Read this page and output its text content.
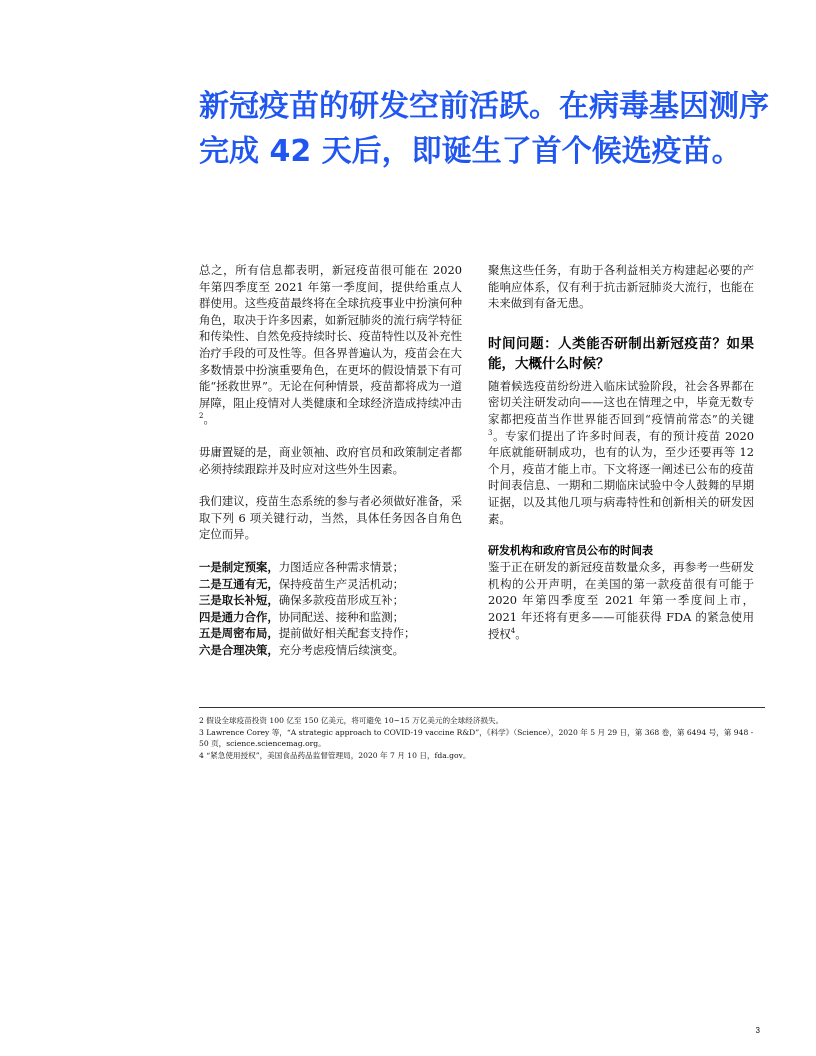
新冠疫苗的研发空前活跃。在病毒基因测序完成 42 天后，即诞生了首个候选疫苗。

总之，所有信息都表明，新冠疫苗很可能在 2020 年第四季度至 2021 年第一季度间，提供给重点人群使用。这些疫苗最终将在全球抗疫事业中扮演何种角色，取决于许多因素，如新冠肺炎的流行病学特征和传染性、自然免疫持续时长、疫苗特性以及补充性治疗手段的可及性等。但各界普遍认为，疫苗会在大多数情景中扮演重要角色，在更坏的假设情景下有可能“拯救世界”。无论在何种情景，疫苗都将成为一道屏障，阻止疫情对人类健康和全球经济造成持续冲击$^2$。

毋庸置疑的是，商业领袖、政府官员和政策制定者都必须持续跟踪并及时应对这些外生因素。

我们建议，疫苗生态系统的参与者必须做好准备，采取下列 6 项关键行动，当然，具体任务因各自角色定位而异。

一是制定预案，力图适应各种需求情景；
二是互通有无，保持疫苗生产灵活机动；
三是取长补短，确保多款疫苗形成互补；
四是通力合作，协同配送、接种和监测；
五是周密布局，提前做好相关配套支持作；
六是合理决策，充分考虑疫情后续演变。

聚焦这些任务，有助于各利益相关方构建起必要的产能响应体系，仅有利于抗击新冠肺炎大流行，也能在未来做到有备无患。

时间问题：人类能否研制出新冠疫苗？如果能，大概什么时候？

随着候选疫苗纷纷进入临床试验阶段，社会各界都在密切关注研发动向——这也在情理之中，毕竟无数专家都把疫苗当作世界能否回到“疫情前常态”的关键$^3$。专家们提出了许多时间表，有的预计疫苗 2020 年底就能研制成功，也有的认为，至少还要再等 12 个月，疫苗才能上市。下文将逐一阐述已公布的疫苗时间表信息、一期和二期临床试验中令人鼓舞的早期证据，以及其他几项与病毒特性和创新相关的研发因素。

研发机构和政府官员公布的时间表

鉴于正在研发的新冠疫苗数量众多，再参考一些研发机构的公开声明，在美国的第一款疫苗很有可能于 2020 年第四季度至 2021 年第一季度间上市，2021 年还将有更多——可能获得 FDA 的紧急使用授权$^4$。

2 假设全球疫苗投资 100 亿至 150 亿美元，将可避免 10~15 万亿美元的全球经济损失。
3 Lawrence Corey 等，“A strategic approach to COVID-19 vaccine R&D”，《科学》（Science），2020 年 5 月 29 日，第 368 卷，第 6494 号，第 948 - 50 页，science.sciencemag.org。
4 “紧急使用授权”，美国食品药品监督管理局，2020 年 7 月 10 日，fda.gov。
3
